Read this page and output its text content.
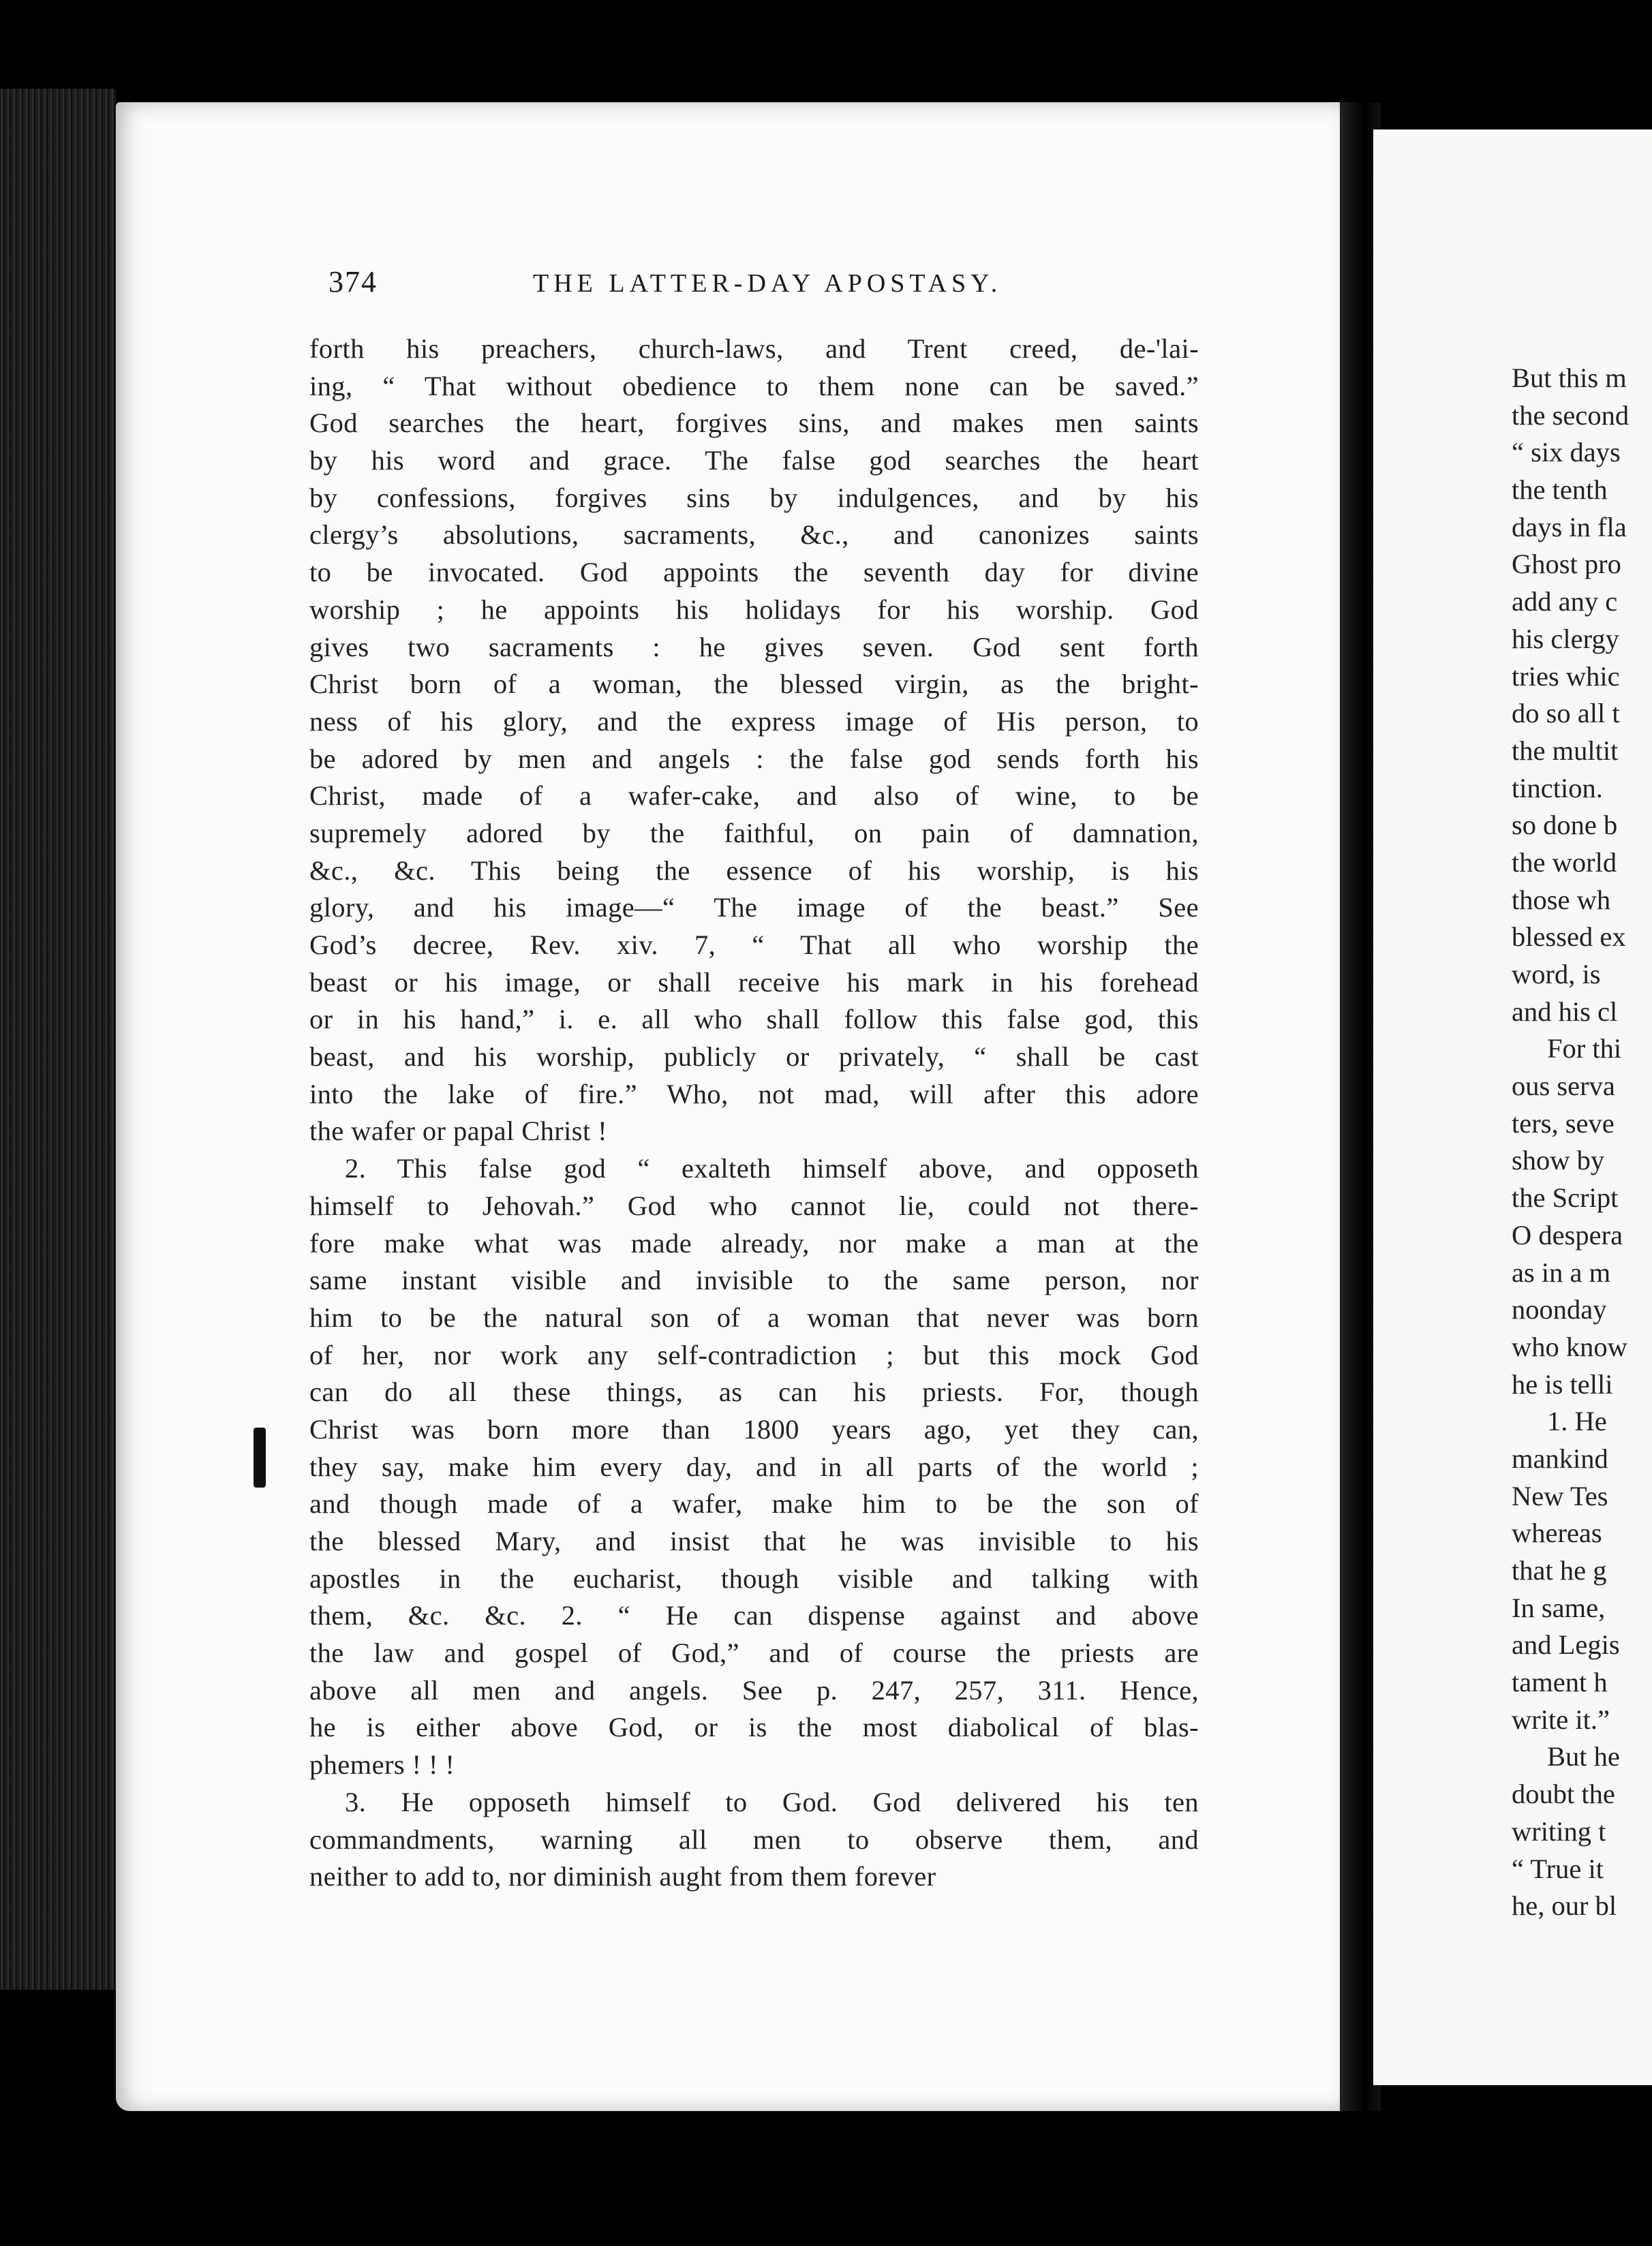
374	THE LATTER-DAY APOSTASY.
forth his preachers, church-laws, and Trent creed, de-'lai-
ing, “ That without obedience to them none can be saved.”
God searches the heart, forgives sins, and makes men saints
by his word and grace. The false god searches the heart
by confessions, forgives sins by indulgences, and by his
clergy’s absolutions, sacraments, &c., and canonizes saints
to be invocated. God appoints the seventh day for divine
worship ; he appoints his holidays for his worship. God
gives two sacraments : he gives seven. God sent forth
Christ born of a woman, the blessed virgin, as the bright-
ness of his glory, and the express image of His person, to
be adored by men and angels : the false god sends forth his
Christ, made of a wafer-cake, and also of wine, to be
supremely adored by the faithful, on pain of damnation,
&c., &c. This being the essence of his worship, is his
glory, and his image—“ The image of the beast.” See
God’s decree, Rev. xiv. 7, “ That all who worship the
beast or his image, or shall receive his mark in his forehead
or in his hand,” i. e. all who shall follow this false god, this
beast, and his worship, publicly or privately, “ shall be cast
into the lake of fire.” Who, not mad, will after this adore
the wafer or papal Christ !
2. This false god “ exalteth himself above, and opposeth
himself to Jehovah.” God who cannot lie, could not there-
fore make what was made already, nor make a man at the
same instant visible and invisible to the same person, nor
him to be the natural son of a woman that never was born
of her, nor work any self-contradiction ; but this mock God
can do all these things, as can his priests. For, though
Christ was born more than 1800 years ago, yet they can,
they say, make him every day, and in all parts of the world ;
and though made of a wafer, make him to be the son of
the blessed Mary, and insist that he was invisible to his
apostles in the eucharist, though visible and talking with
them, &c. &c. 2. “ He can dispense against and above
the law and gospel of God,” and of course the priests are
above all men and angels. See p. 247, 257, 311. Hence,
he is either above God, or is the most diabolical of blas-
phemers ! ! !
3. He opposeth himself to God. God delivered his ten
commandments, warning all men to observe them, and
neither to add to, nor diminish aught from them forever
But this m
the second
“ six days
the tenth
days in fla
Ghost pro
add any c
his clergy
tries whic
do so all t
the multit
tinction.
so done b
the world
those wh
blessed ex
word, is
and his cl
For thi
ous serva
ters, seve
show by
the Script
O despera
as in a m
noonday
who know
he is telli
1. He
mankind
New Tes
whereas
that he g
In same,
and Legis
tament h
write it.”
But he
doubt the
writing t
“ True it
he, our bl
